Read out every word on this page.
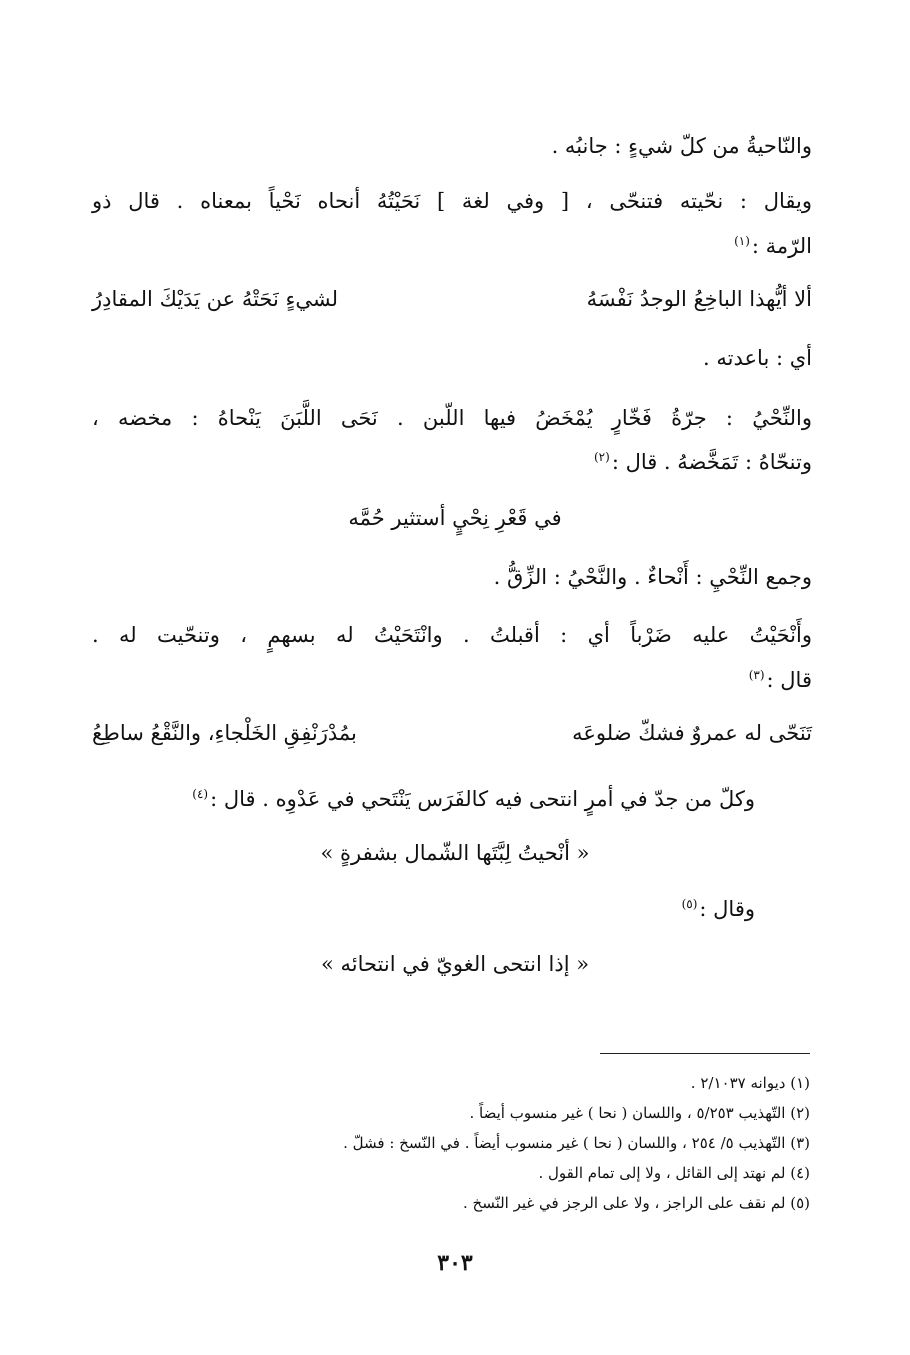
والنّاحيةُ من كلّ شيءٍ : جانبُه .
ويقال : نحّيته فتنحّى ، [ وفي لغة ] نَحَيْتُهُ أنحاه نَحْياً بمعناه . قال ذو
الرّمة :$^{(١)}$
ألا أيُّهذا الباخِعُ الوجدُ نَفْسَهُ
لشيءٍ نَحَتْهُ عن يَدَيْكَ المقادِرُ
أي : باعدته .
والنِّحْيُ : جرّةُ فَخّارٍ يُمْخَضُ فيها اللّبن . نَحَى اللَّبَنَ يَنْحاهُ : مخضه ،
وتنحّاهُ : تَمَخَّضهُ . قال :$^{(٢)}$
في قَعْرِ نِحْيٍ أستثير حُمَّه
وجمع النِّحْيِ : أَنْحاءٌ . والنَّحْيُ : الزِّقُّ .
وأَنْحَيْتُ عليه ضَرْباً أي : أقبلتُ . وانْتَحَيْتُ له بسهمٍ ، وتنحّيت له .
قال :$^{(٣)}$
تَنَحّى له عمروٌ فشكّ ضلوعَه
بمُدْرَنْفِقِ الخَلْجاءِ، والنَّقْعُ ساطِعُ
وكلّ من جدّ في أمرٍ انتحى فيه كالفَرَس يَنْتَحي في عَدْوِه . قال :$^{(٤)}$
« أنْحيتُ لِبَّتَها الشّمال بشفرةٍ »
وقال :$^{(٥)}$
« إذا انتحى الغويّ في انتحائه »
(١) ديوانه ٢/١٠٣٧ .
(٢) التّهذيب ٥/٢٥٣ ، واللسان ( نحا ) غير منسوب أيضاً .
(٣) التّهذيب ٥/ ٢٥٤ ، واللسان ( نحا ) غير منسوب أيضاً . في النّسخ : فشلّ .
(٤) لم نهتد إلى القائل ، ولا إلى تمام القول .
(٥) لم نقف على الراجز ، ولا على الرجز في غير النّسخ .
٣٠٣
